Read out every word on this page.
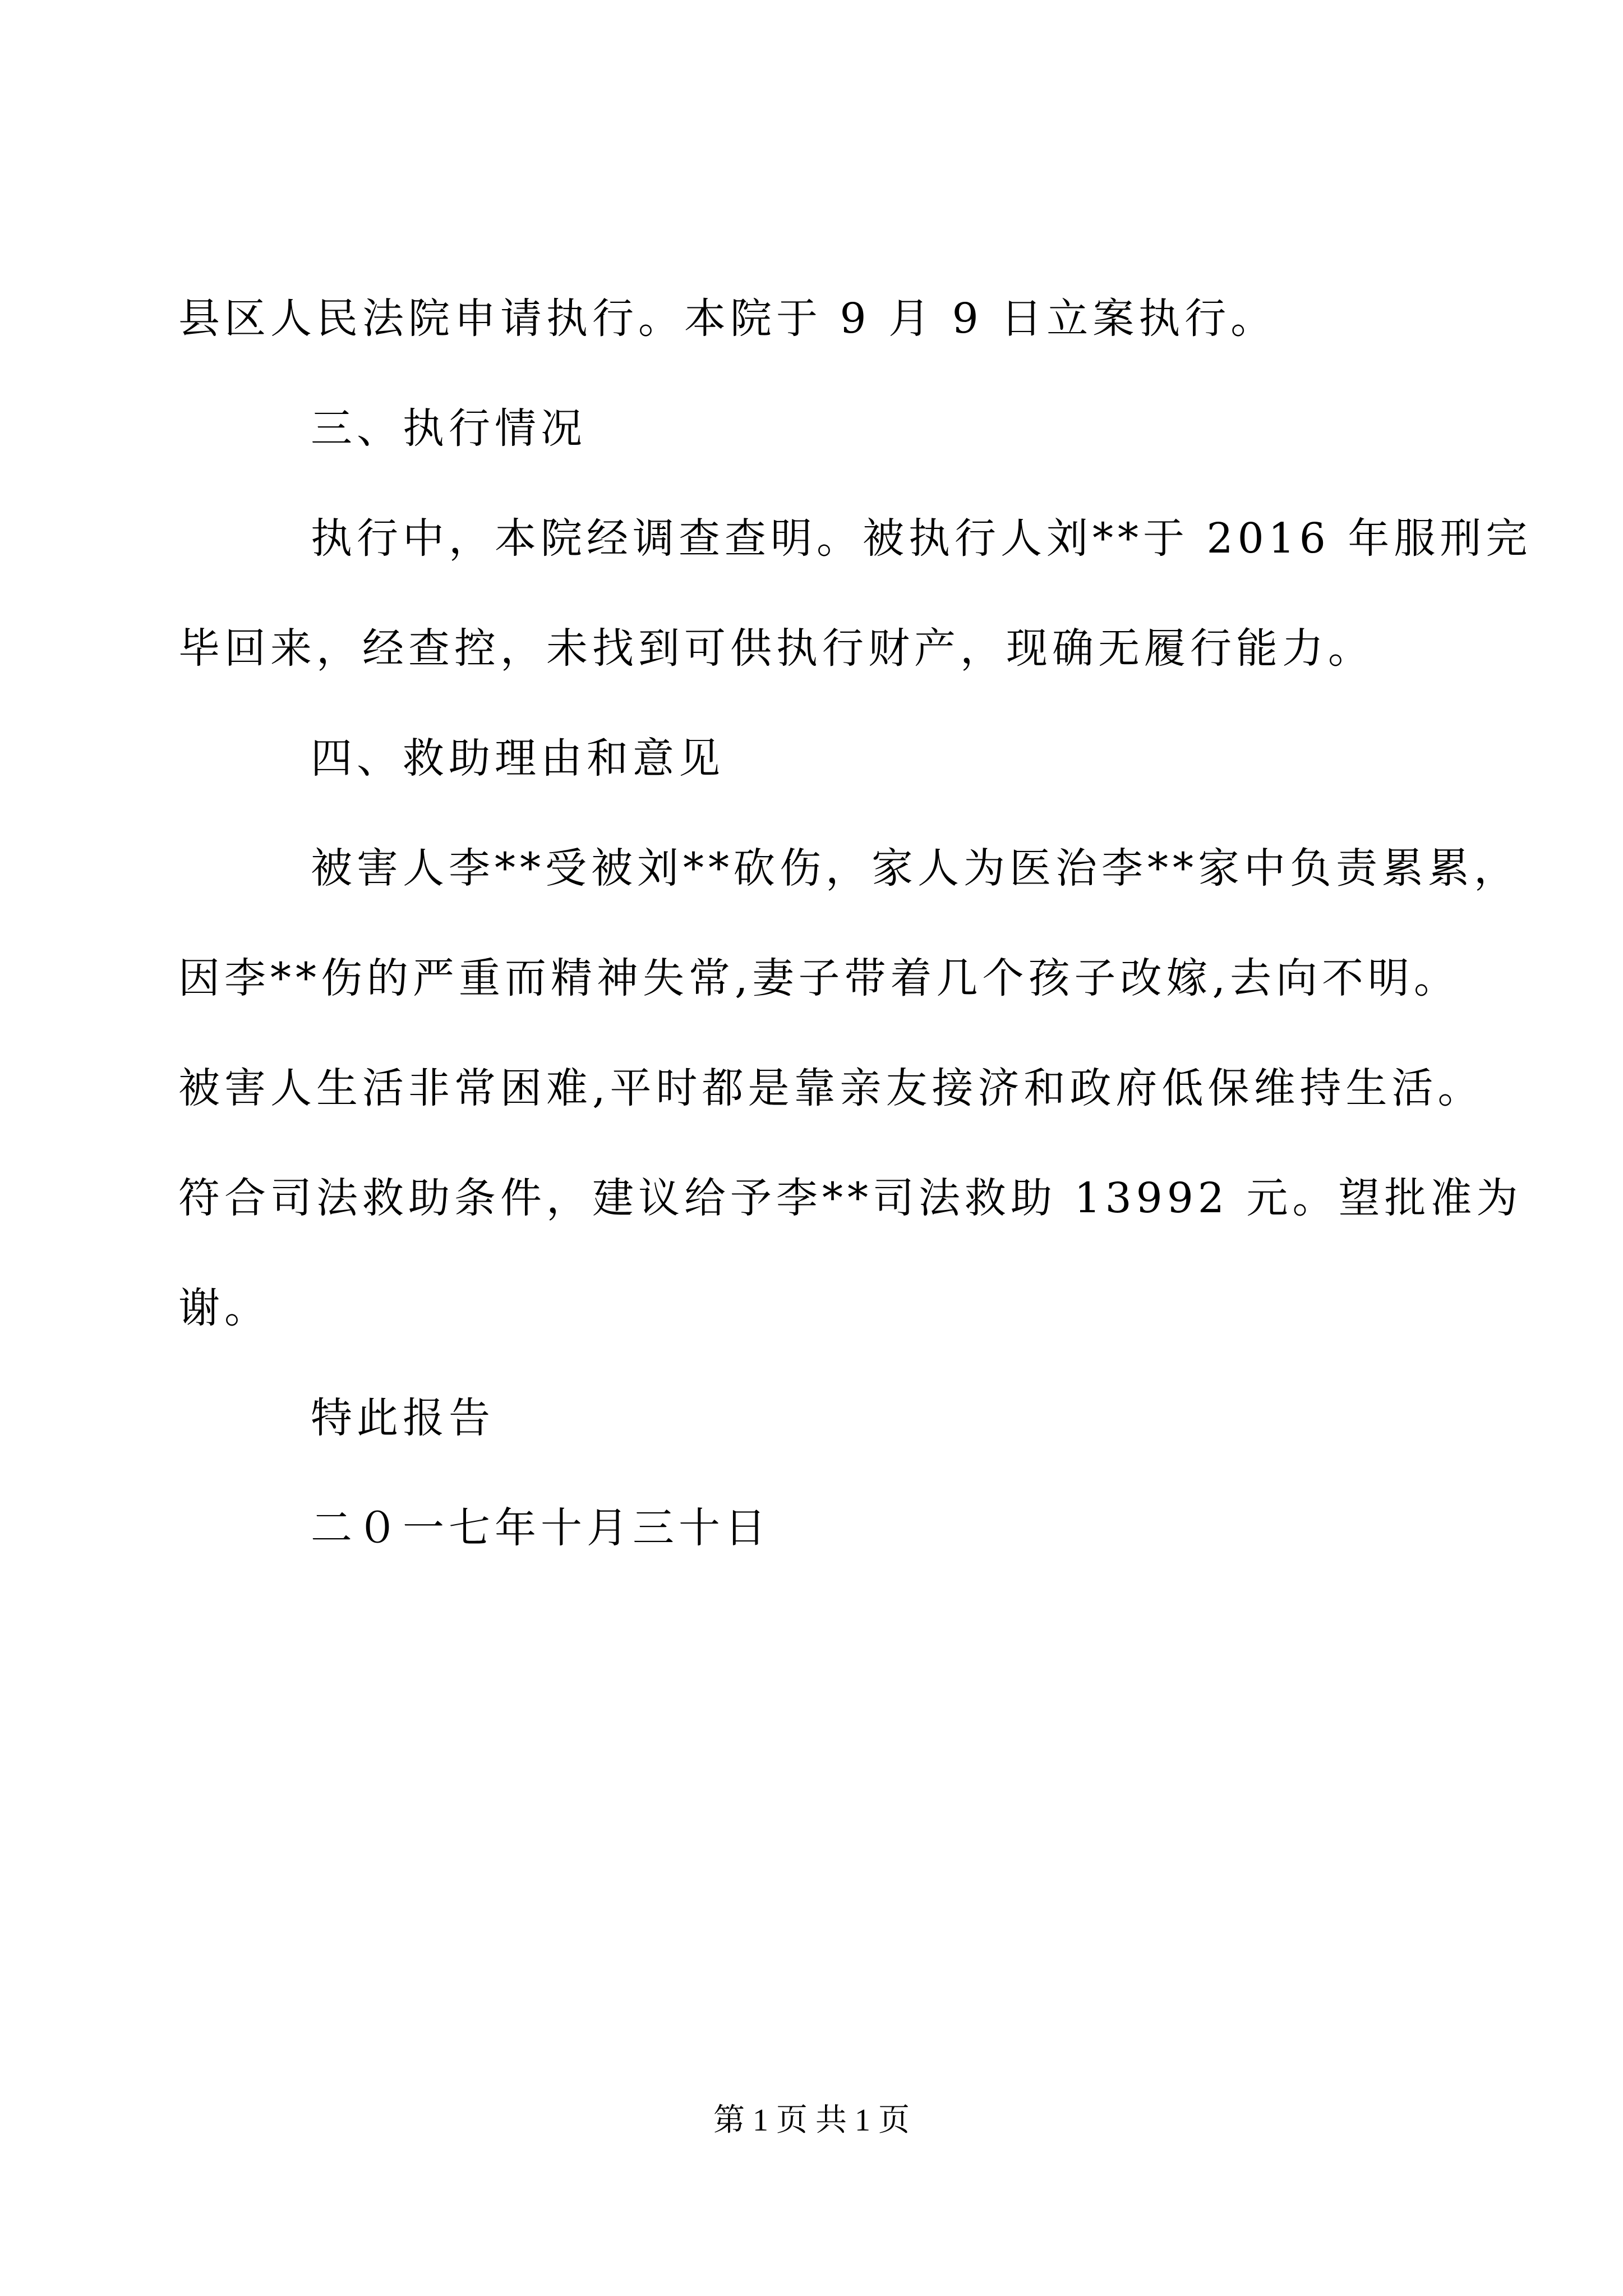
县区人民法院申请执行。本院于 9 月 9 日立案执行。
三、执行情况
执行中，本院经调查查明。被执行人刘**于 2016 年服刑完
毕回来，经查控，未找到可供执行财产，现确无履行能力。
四、救助理由和意见
被害人李**受被刘**砍伤，家人为医治李**家中负责累累，
因李**伤的严重而精神失常,妻子带着几个孩子改嫁,去向不明。
被害人生活非常困难,平时都是靠亲友接济和政府低保维持生活。
符合司法救助条件，建议给予李**司法救助 13992 元。望批准为
谢。
特此报告
二０一七年十月三十日
第 1 页 共 1 页
